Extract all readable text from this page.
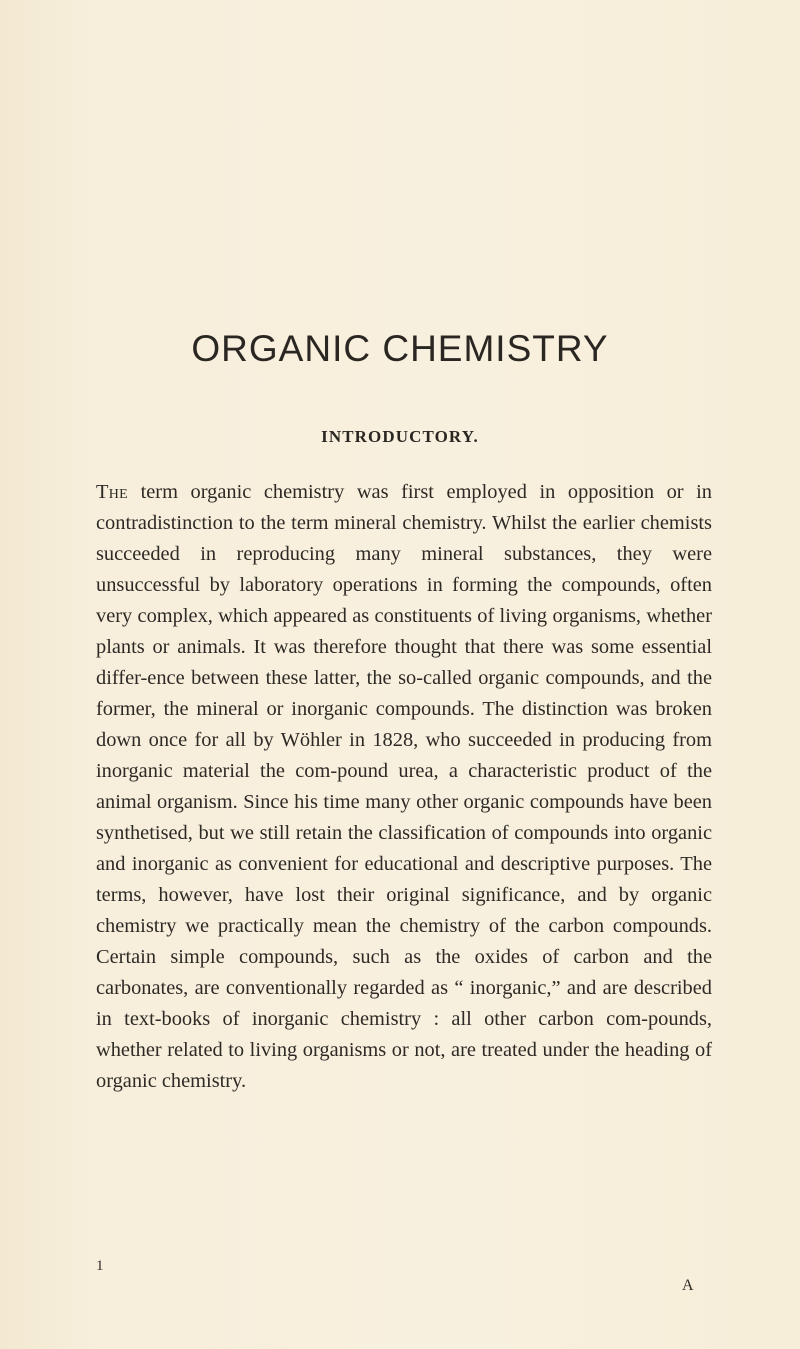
ORGANIC CHEMISTRY
INTRODUCTORY.

The term organic chemistry was first employed in opposition or in contradistinction to the term mineral chemistry. Whilst the earlier chemists succeeded in reproducing many mineral substances, they were unsuccessful by laboratory operations in forming the compounds, often very complex, which appeared as constituents of living organisms, whether plants or animals. It was therefore thought that there was some essential differ-ence between these latter, the so-called organic compounds, and the former, the mineral or inorganic compounds. The distinction was broken down once for all by Wöhler in 1828, who succeeded in producing from inorganic material the com-pound urea, a characteristic product of the animal organism. Since his time many other organic compounds have been synthetised, but we still retain the classification of compounds into organic and inorganic as convenient for educational and descriptive purposes. The terms, however, have lost their original significance, and by organic chemistry we practically mean the chemistry of the carbon compounds. Certain simple compounds, such as the oxides of carbon and the carbonates, are conventionally regarded as “ inorganic,” and are described in text-books of inorganic chemistry : all other carbon com-pounds, whether related to living organisms or not, are treated under the heading of organic chemistry.

1
A
